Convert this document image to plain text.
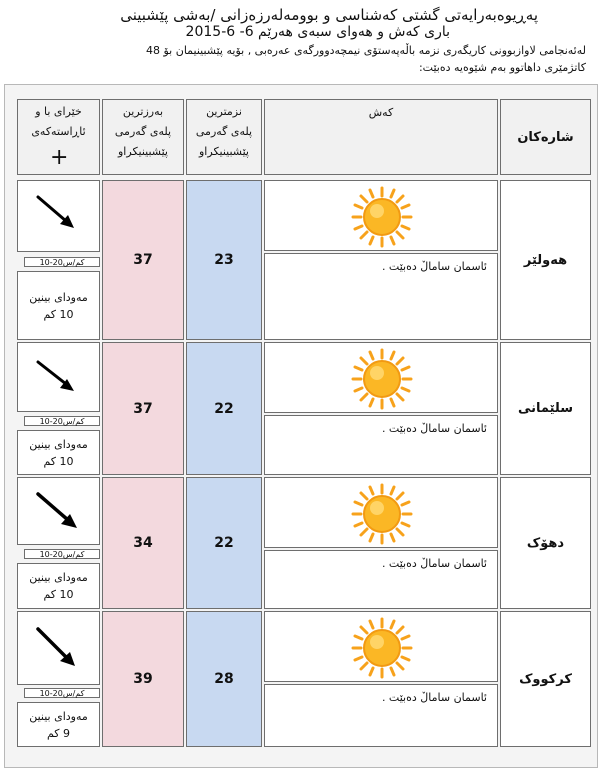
پەڕیوەبەرایەتی گشتی کەشناسی و بوومەلەرزەزانی /بەشی پێشبینی
باری کەش و هەوای سبەی هەرێم 6- 6-2015
لەئەنجامی لاوازبوونی کاریگەری نزمە باڵەپەستۆی نیمچەدوورگەی عەرەبی , بۆیە پێشبینیمان بۆ 48
کاتژمێری داهاتوو بەم شێوەیە دەبێت:
شارەکان
کەش
نزمترین پلەی گەرمی پێشبینیکراو
بەرزترین پلەی گەرمی پێشبینیکراو
خێرای با و ئاڕاستەکەی
+
هەولێر
ئاسمان سامالٚ دەبێت .
23
37
10-20كم/س
مەودای بینین
10 كم
سلێمانی
ئاسمان سامالٚ دەبێت .
22
37
10-20كم/س
مەودای بینین
10 كم
دهۆک
ئاسمان سامالٚ دەبێت .
22
34
10-20كم/س
مەودای بینین
10 كم
کرکووک
ئاسمان سامالٚ دەبێت .
28
39
10-20كم/س
مەودای بینین
9 كم
